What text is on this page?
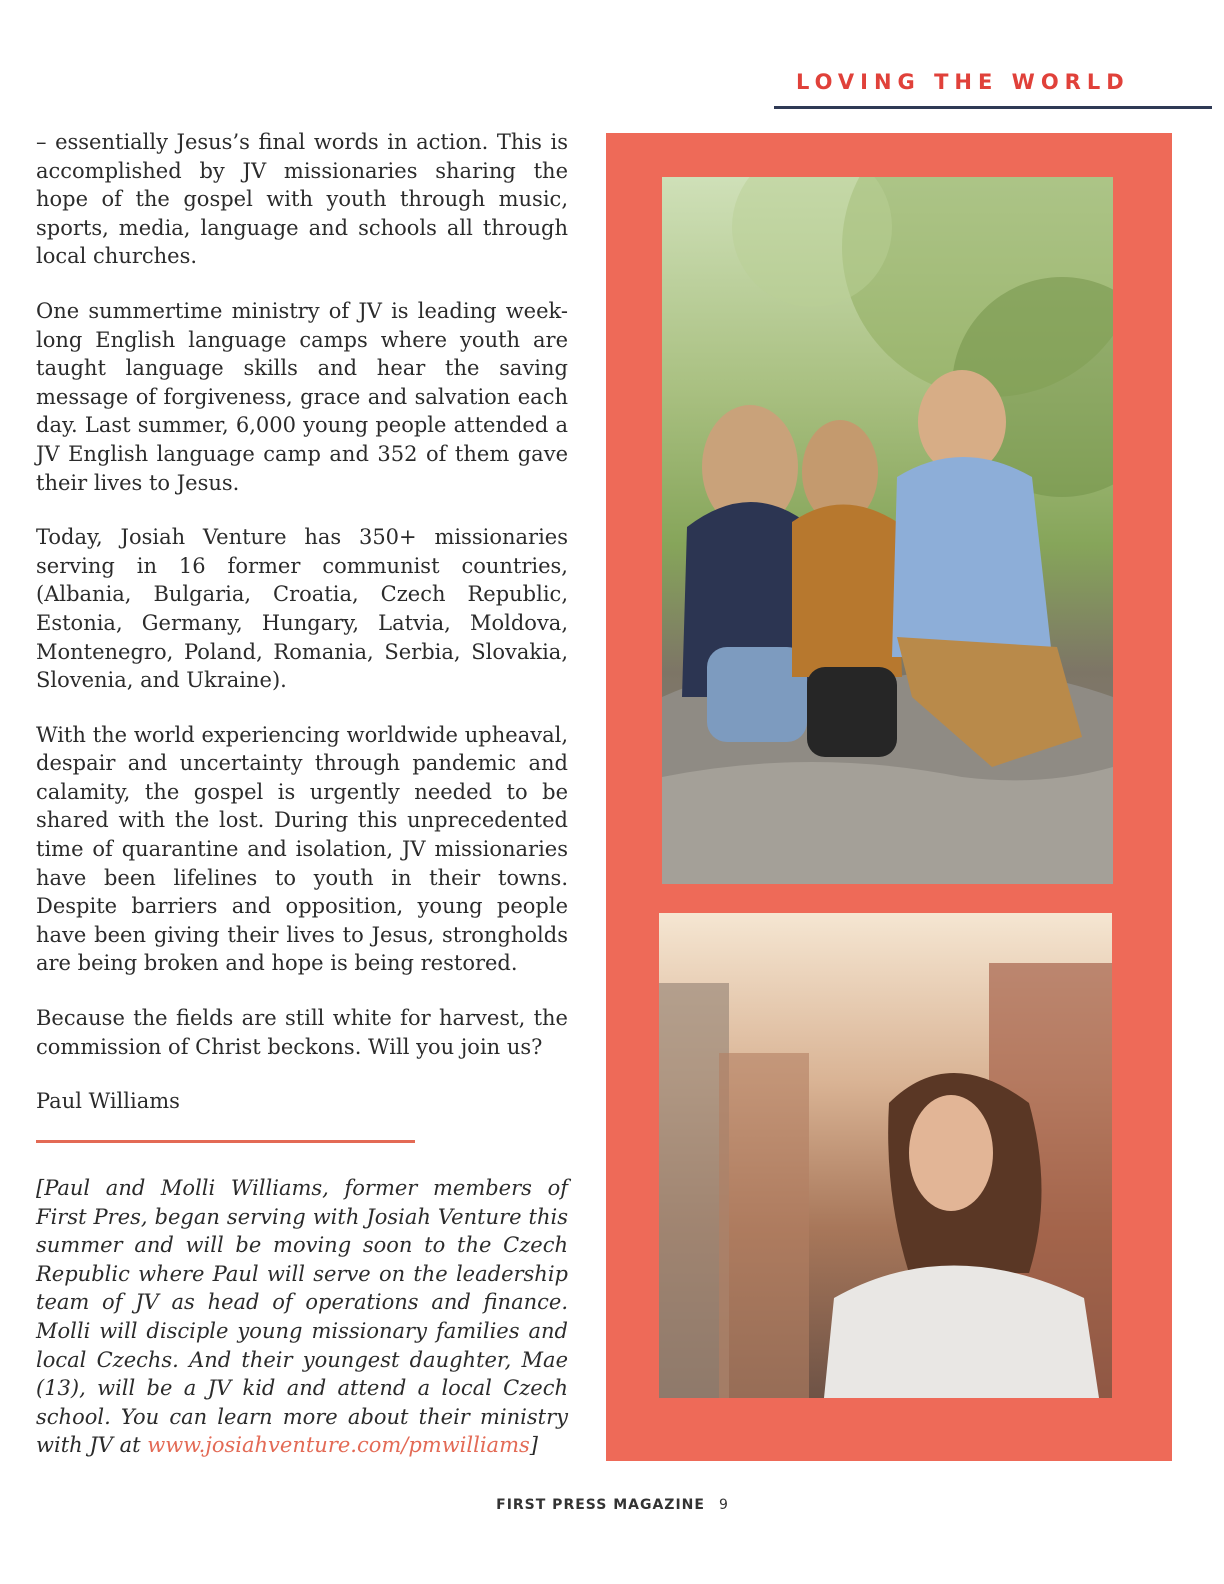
LOVING THE WORLD

– essentially Jesus’s final words in action. This is accomplished by JV missionaries sharing the hope of the gospel with youth through music, sports, media, language and schools all through local churches.

One summertime ministry of JV is leading week-long English language camps where youth are taught language skills and hear the saving message of forgiveness, grace and salvation each day. Last summer, 6,000 young people attended a JV English language camp and 352 of them gave their lives to Jesus.

Today, Josiah Venture has 350+ missionaries serving in 16 former communist countries, (Albania, Bulgaria, Croatia, Czech Republic, Estonia, Germany, Hungary, Latvia, Moldova, Montenegro, Poland, Romania, Serbia, Slovakia, Slovenia, and Ukraine).

With the world experiencing worldwide upheaval, despair and uncertainty through pandemic and calamity, the gospel is urgently needed to be shared with the lost. During this unprecedented time of quarantine and isolation, JV missionaries have been lifelines to youth in their towns. Despite barriers and opposition, young people have been giving their lives to Jesus, strongholds are being broken and hope is being restored.

Because the fields are still white for harvest, the commission of Christ beckons. Will you join us?

Paul Williams

[Paul and Molli Williams, former members of First Pres, began serving with Josiah Venture this summer and will be moving soon to the Czech Republic where Paul will serve on the leadership team of JV as head of operations and finance. Molli will disciple young missionary families and local Czechs. And their youngest daughter, Mae (13), will be a JV kid and attend a local Czech school. You can learn more about their ministry with JV at www.josiahventure.com/pmwilliams]
FIRST PRESS MAGAZINE 9
